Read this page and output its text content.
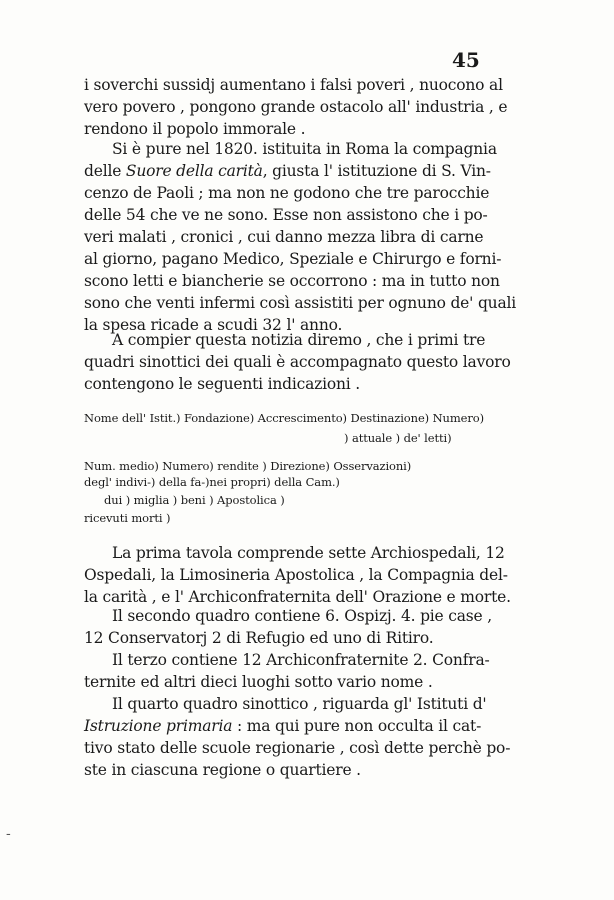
45
i soverchi sussidj aumentano i falsi poveri , nuocono al
vero povero , pongono grande ostacolo all' industria , e
rendono il popolo immorale .
Si è pure nel 1820. istituita in Roma la compagnia
delle Suore della carità, giusta l' istituzione di S. Vin-
cenzo de Paoli ; ma non ne godono che tre parocchie
delle 54 che ve ne sono. Esse non assistono che i po-
veri malati , cronici , cui danno mezza libra di carne
al giorno, pagano Medico, Speziale e Chirurgo e forni-
scono letti e biancherie se occorrono : ma in tutto non
sono che venti infermi così assistiti per ognuno de' quali
la spesa ricade a scudi 32 l' anno.
A compier questa notizia diremo , che i primi tre
quadri sinottici dei quali è accompagnato questo lavoro
contengono le seguenti indicazioni .
Nome dell' Istit.) Fondazione) Accrescimento) Destinazione) Numero)
) attuale ) de' letti)
Num. medio) Numero) rendite ) Direzione) Osservazioni)
degl' indivi-) della fa-)nei propri) della Cam.)
dui ) miglia ) beni ) Apostolica )
ricevuti morti )
La prima tavola comprende sette Archiospedali, 12
Ospedali, la Limosineria Apostolica , la Compagnia del-
la carità , e l' Archiconfraternita dell' Orazione e morte.
Il secondo quadro contiene 6. Ospizj. 4. pie case ,
12 Conservatorj 2 di Refugio ed uno di Ritiro.
Il terzo contiene 12 Archiconfraternite 2. Confra-
ternite ed altri dieci luoghi sotto vario nome .
Il quarto quadro sinottico , riguarda gl' Istituti d'
Istruzione primaria : ma qui pure non occulta il cat-
tivo stato delle scuole regionarie , così dette perchè po-
ste in ciascuna regione o quartiere .
-
